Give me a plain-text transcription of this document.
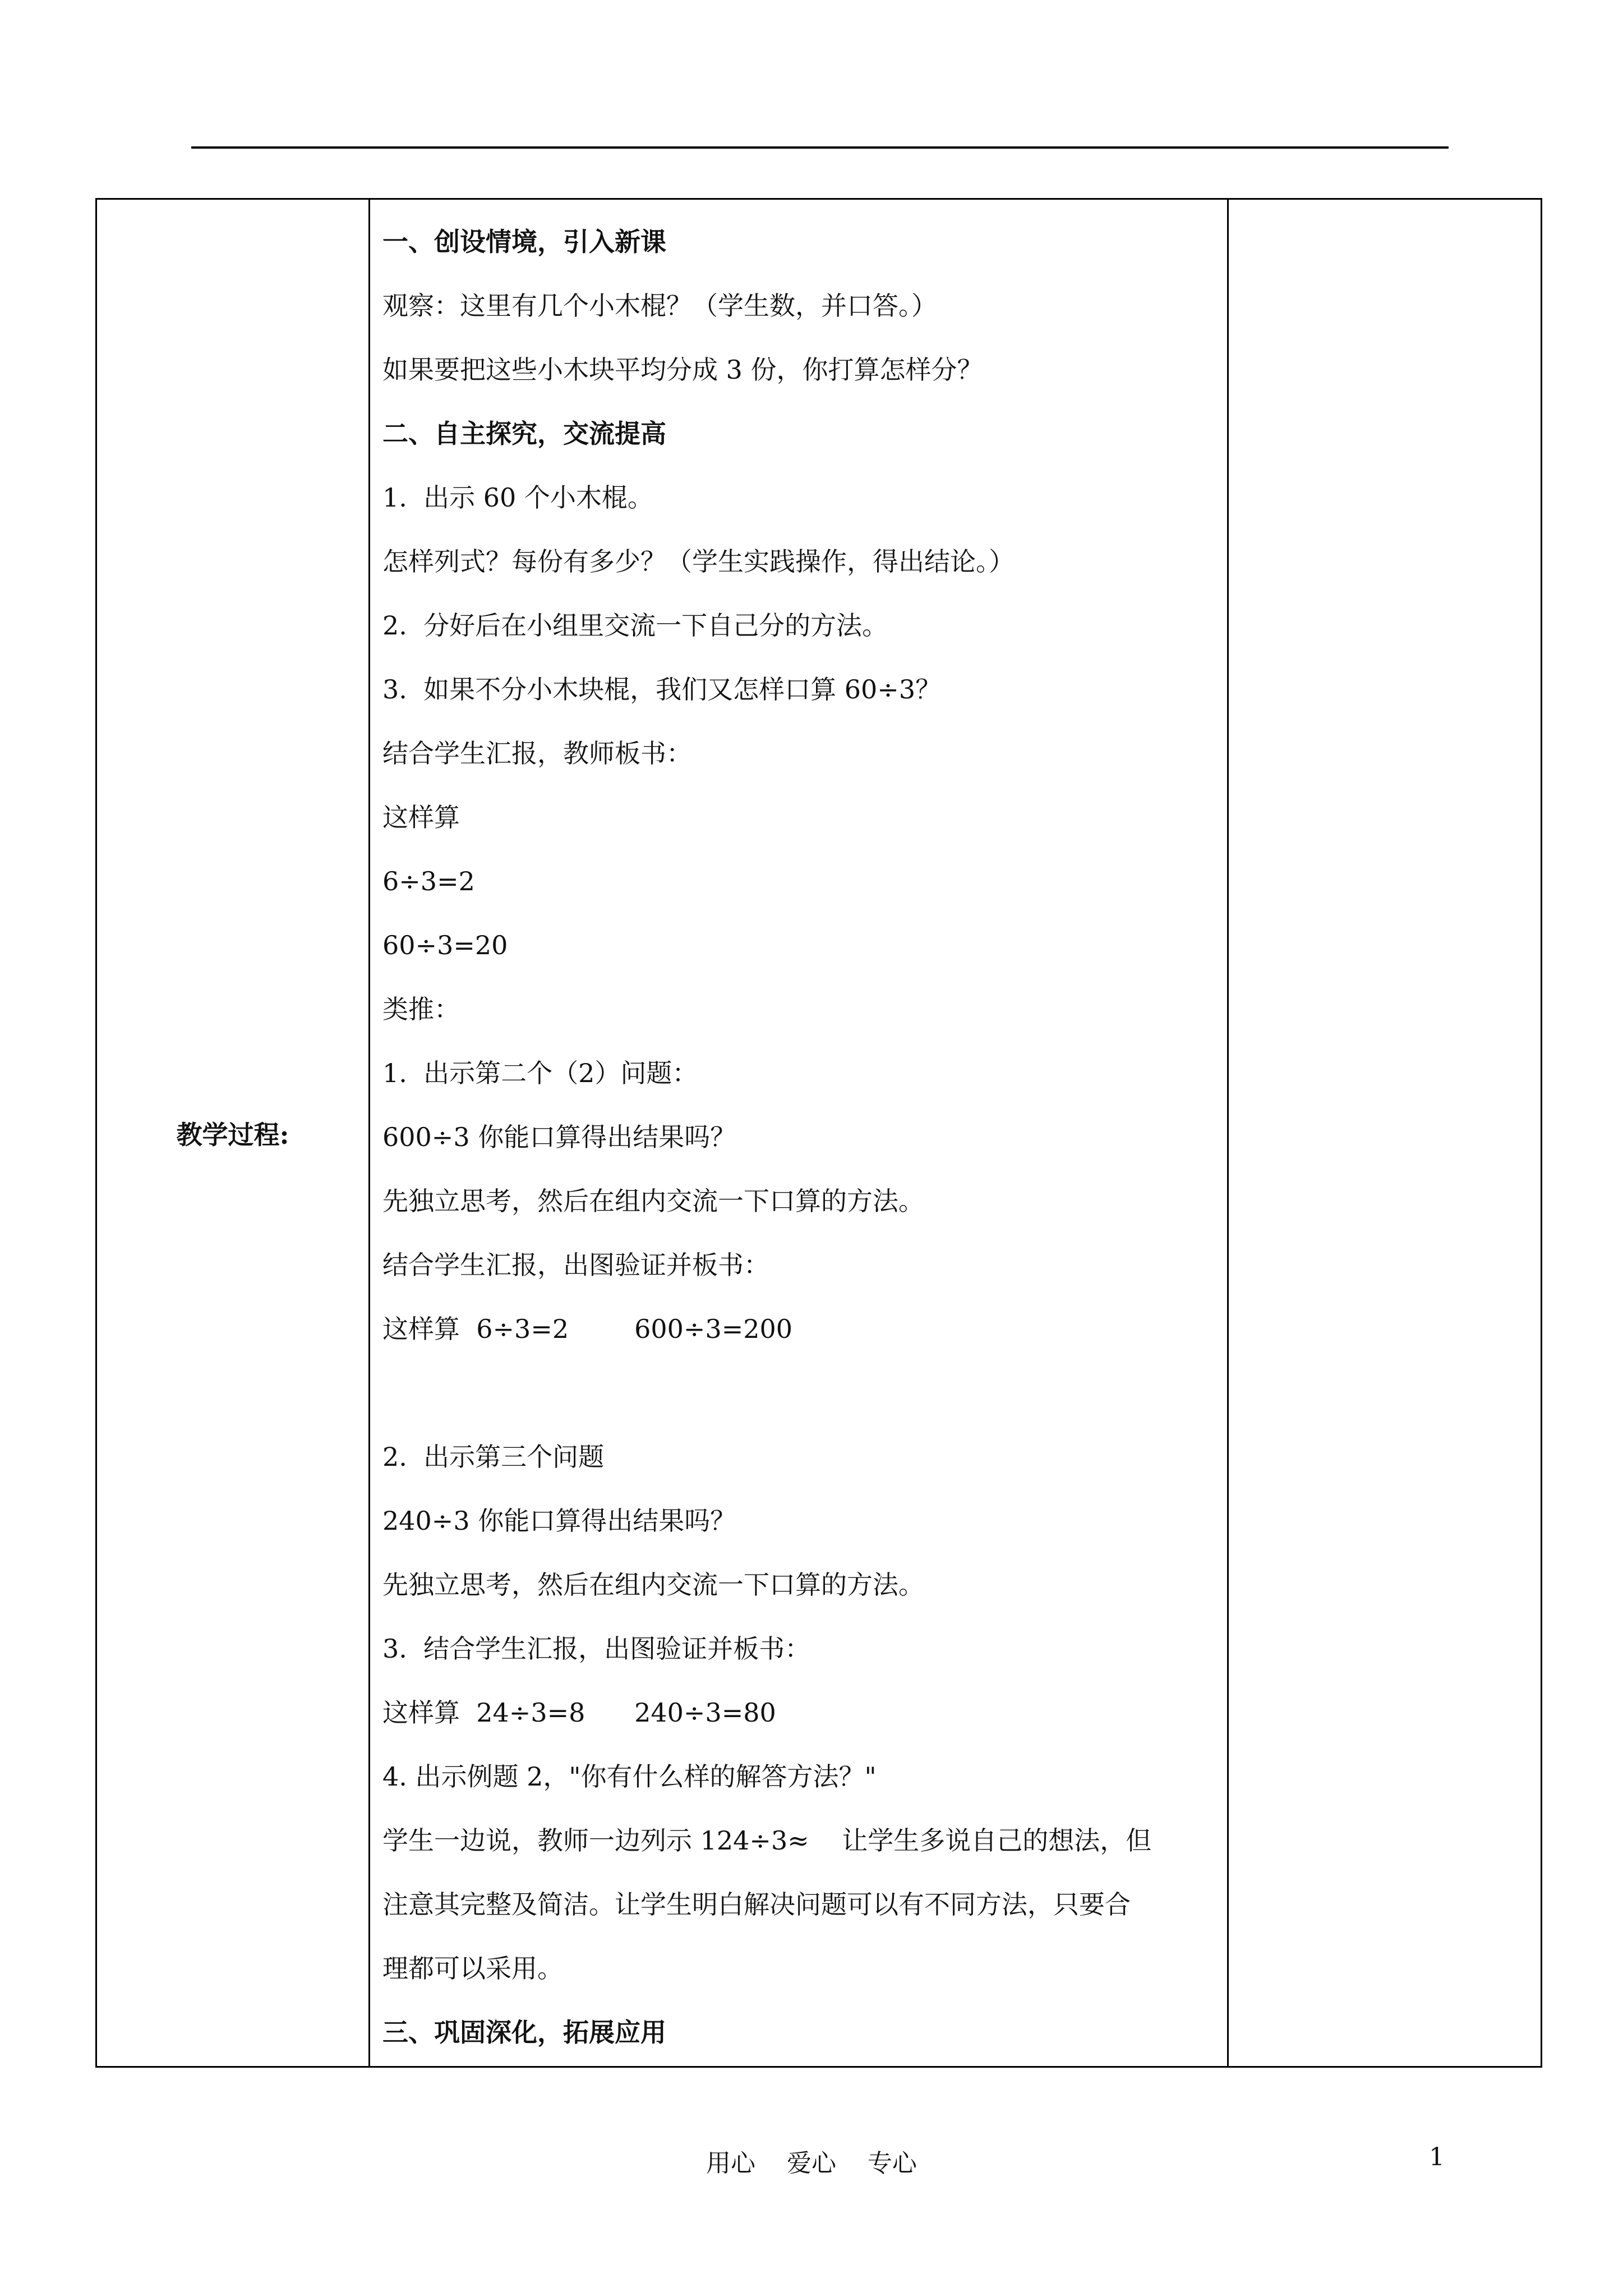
教学过程:	
一、创设情境，引入新课
观察：这里有几个小木棍？（学生数，并口答。）
如果要把这些小木块平均分成 3 份，你打算怎样分？
二、自主探究，交流提高
1.  出示 60 个小木棍。
怎样列式？每份有多少？（学生实践操作，得出结论。）
2.  分好后在小组里交流一下自己分的方法。
3.  如果不分小木块棍，我们又怎样口算 60÷3？
结合学生汇报，教师板书：
这样算
6÷3=2
60÷3=20
类推：
1.  出示第二个（2）问题：
600÷3 你能口算得出结果吗？
先独立思考，然后在组内交流一下口算的方法。
结合学生汇报，出图验证并板书：
这样算  6÷3=2        600÷3=200
2.  出示第三个问题
240÷3 你能口算得出结果吗？
先独立思考，然后在组内交流一下口算的方法。
3.  结合学生汇报，出图验证并板书：
这样算  24÷3=8      240÷3=80
4. 出示例题 2，"你有什么样的解答方法？"
学生一边说，教师一边列示 124÷3≈    让学生多说自己的想法，但
注意其完整及简洁。让学生明白解决问题可以有不同方法，只要合
理都可以采用。
三、巩固深化，拓展应用

用心    爱心    专心	1
